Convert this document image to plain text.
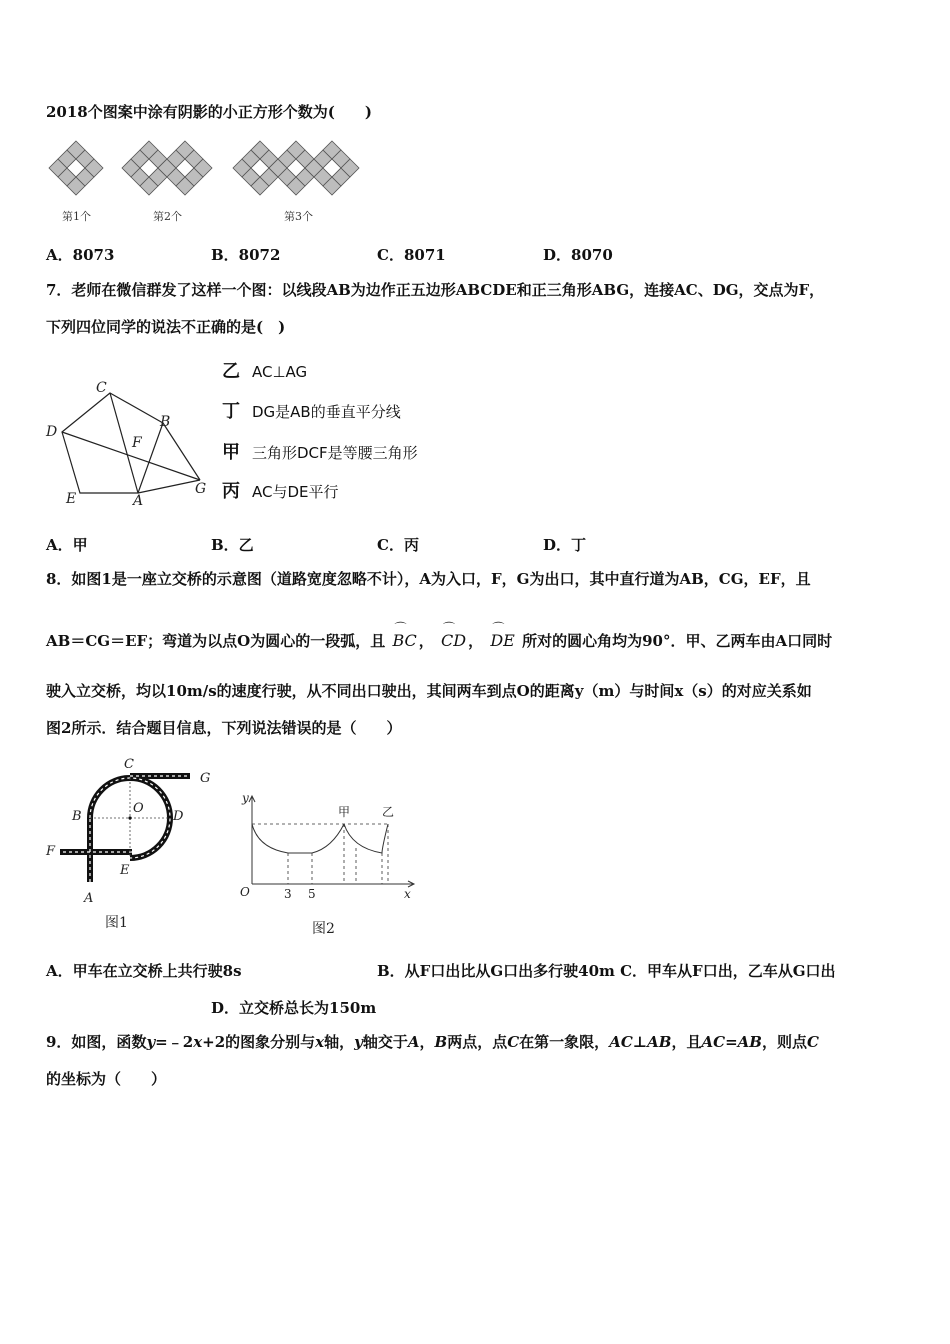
2018个图案中涂有阴影的小正方形个数为(　　)
第1个	第2个	第3个
A．8073	B．8072	C．8071	D．8070
7．老师在微信群发了这样一个图：以线段AB为边作正五边形ABCDE和正三角形ABG，连接AC、DG，交点为F，
下列四位同学的说法不正确的是(　)
C
B
D
F
E	A
G
乙 AC⊥AG
丁 DG是AB的垂直平分线
甲 三角形DCF是等腰三角形
丙 AC与DE平行
A．甲	B．乙	C．丙	D．丁
8．如图1是一座立交桥的示意图（道路宽度忽略不计），A为入口，F，G为出口，其中直行道为AB，CG，EF，且
AB＝CG＝EF；弯道为以点O为圆心的一段弧，且 ⌒ BC ， ⌒ CD ， ⌒ DE 所对的圆心角均为90°．甲、乙两车由A口同时
驶入立交桥，均以10m/s的速度行驶，从不同出口驶出，其间两车到点O的距离y（m）与时间x（s）的对应关系如
图2所示．结合题目信息，下列说法错误的是（　　）
C
G
B
O
D
F
E
A
图1
y
甲	乙
O	3 5	x
图2
A．甲车在立交桥上共行驶8s	B．从F口出比从G口出多行驶40m C．甲车从F口出，乙车从G口出
D．立交桥总长为150m
9．如图，函数y=﹣2x+2的图象分别与x轴，y轴交于A，B两点，点C在第一象限，AC⊥AB，且AC=AB，则点C
的坐标为（　　）
